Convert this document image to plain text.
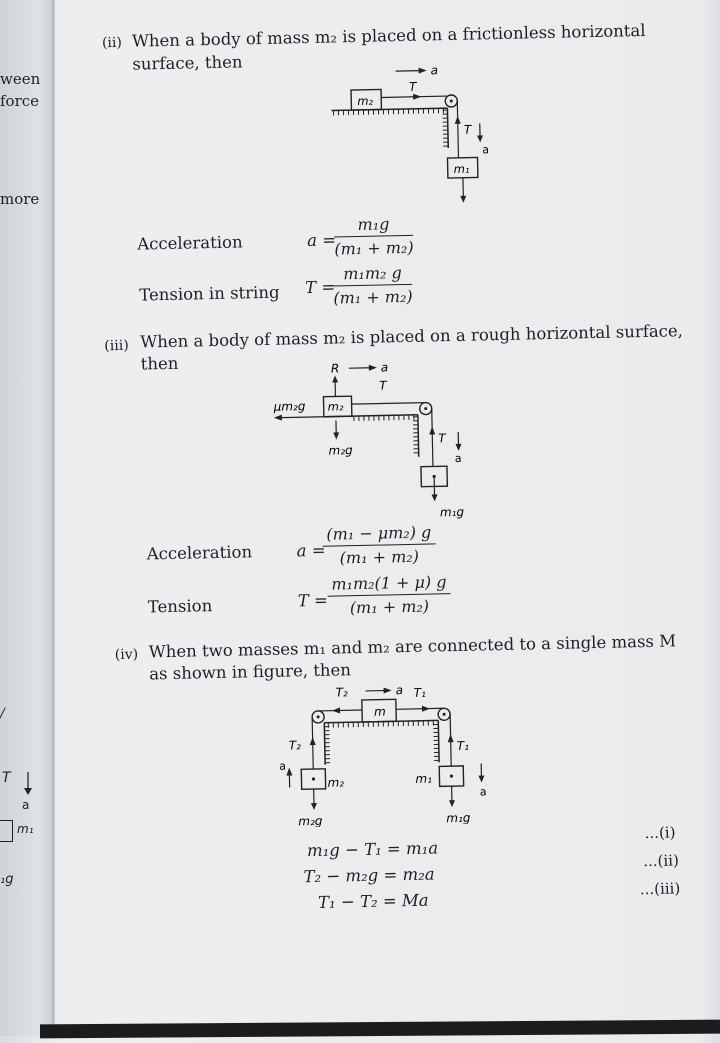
ween
force
more
/
T
a
m₁
₁g
(ii) When a body of mass m₂ is placed on a frictionless horizontal
surface, then	a
T
m₂
T
a
m₁
Acceleration	a =
$\frac{\text{m₁g}}{\text{(m₁ + m₂)}}$
Tension in string T =
$\frac{\text{m₁m₂ g}}{\text{(m₁ + m₂)}}$
(iii) When a body of mass m₂ is placed on a rough horizontal surface,
then	R	a
T
μm₂g m₂
m₂g
T
a
m₁g
Acceleration	a =
$\frac{\text{(m₁ − μm₂) g}}{\text{(m₁ + m₂)}}$
Tension	$T = \frac{\text{m₁m₂(1 + μ) g}}{\text{(m₁ + m₂)}}$
(iv) When two masses m₁ and m₂ are connected to a single mass M
as shown in figure, then
T₂	a T₁
m
T₂
a
m₂
m₂g
T₁
m₁
a
m₁g
m₁g − T₁ = m₁a
T₂ − m₂g = m₂a
T₁ − T₂ = Ma
...(i)
...(ii)
...(iii)
